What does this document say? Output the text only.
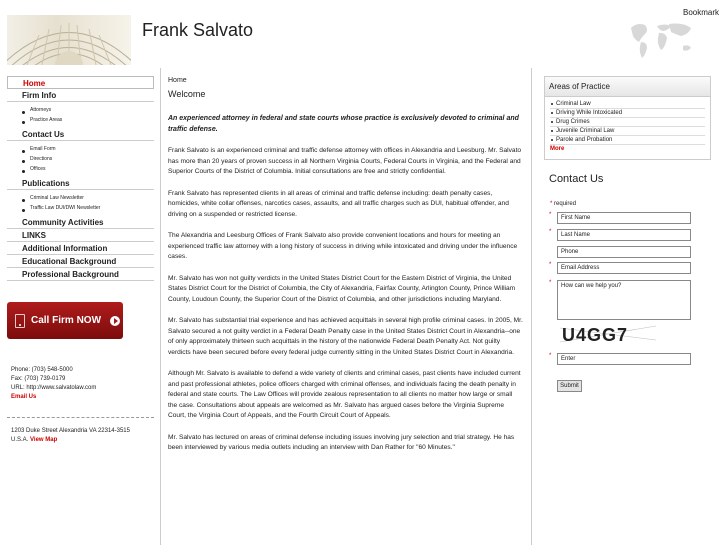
Frank Salvato
Bookmark
Home
Firm Info
Attorneys
Practice Areas
Contact Us
Email Form
Directions
Offices
Publications
Criminal Law Newsletter
Traffic Law DUI/DWI Newsletter
Community Activities
LINKS
Additional Information
Educational Background
Professional Background
Call Firm NOW
Phone: (703) 548-5000
Fax: (703) 739-0179
URL: http://www.salvatolaw.com
Email Us
1203 Duke Street Alexandria VA 22314-3515
U.S.A. View Map
Home
Welcome
An experienced attorney in federal and state courts whose practice is exclusively devoted to criminal and traffic defense.
Frank Salvato is an experienced criminal and traffic defense attorney with offices in Alexandria and Leesburg. Mr. Salvato has more than 20 years of proven success in all Northern Virginia Courts, Federal Courts in Virginia, and the Federal and Superior Courts of the District of Columbia. Initial consultations are free and strictly confidential.
Frank Salvato has represented clients in all areas of criminal and traffic defense including: death penalty cases, homicides, white collar offenses, narcotics cases, assaults, and all traffic charges such as DUI, habitual offender, and driving on a suspended or restricted license.
The Alexandria and Leesburg Offices of Frank Salvato also provide convenient locations and hours for meeting an experienced traffic law attorney with a long history of success in driving while intoxicated and driving under the influence cases.
Mr. Salvato has won not guilty verdicts in the United States District Court for the Eastern District of Virginia, the United States District Court for the District of Columbia, the City of Alexandria, Fairfax County, Arlington County, Prince William County, Loudoun County, the Superior Court of the District of Columbia, and other jurisdictions including Maryland.
Mr. Salvato has substantial trial experience and has achieved acquittals in several high profile criminal cases. In 2005, Mr. Salvato secured a not guilty verdict in a Federal Death Penalty case in the United States District Court in Alexandria--one of only approximately thirteen such acquittals in the history of the nationwide Federal Death Penalty Act. Not guilty verdicts have been secured before every federal judge currently sitting in the United States District Court in Alexandria.
Although Mr. Salvato is available to defend a wide variety of clients and criminal cases, past clients have included current and past professional athletes, police officers charged with criminal offenses, and individuals facing the death penalty in federal and state courts. The Law Offices will provide zealous representation to all clients no matter how large or small the case. Consultations about appeals are welcomed as Mr. Salvato has argued cases before the Virginia Supreme Court, the Virginia Court of Appeals, and the Fourth Circuit Court of Appeals.
Mr. Salvato has lectured on areas of criminal defense including issues involving jury selection and trial strategy. He has been interviewed by various media outlets including an interview with Dan Rather for "60 Minutes."
Areas of Practice
Criminal Law
Driving While Intoxicated
Drug Crimes
Juvenile Criminal Law
Parole and Probation
More
Contact Us
* required
*	First Name
*	Last Name
Phone
*	Email Address
*	How can we help you?
U4GG7
*	Enter
Submit
